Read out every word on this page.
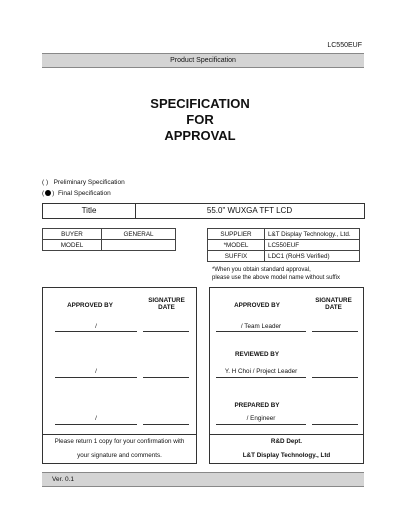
LC550EUF
Product Specification
SPECIFICATION
FOR
APPROVAL
( ) Preliminary Specification
( ) Final Specification
Title	55.0" WUXGA TFT LCD
BUYER	GENERAL
MODEL	
SUPPLIER	L&T Display Technology., Ltd.
*MODEL	LC550EUF
SUFFIX	LDC1 (RoHS Verified)
*When you obtain standard approval,
please use the above model name without suffix
APPROVED BY
SIGNATURE
DATE
/
/
/
Please return 1 copy for your confirmation with
your signature and comments.
APPROVED BY
SIGNATURE
DATE
/ Team Leader
REVIEWED BY
Y. H Choi / Project Leader
PREPARED BY
/ Engineer
R&D Dept.
L&T Display Technology., Ltd
Ver. 0.1
